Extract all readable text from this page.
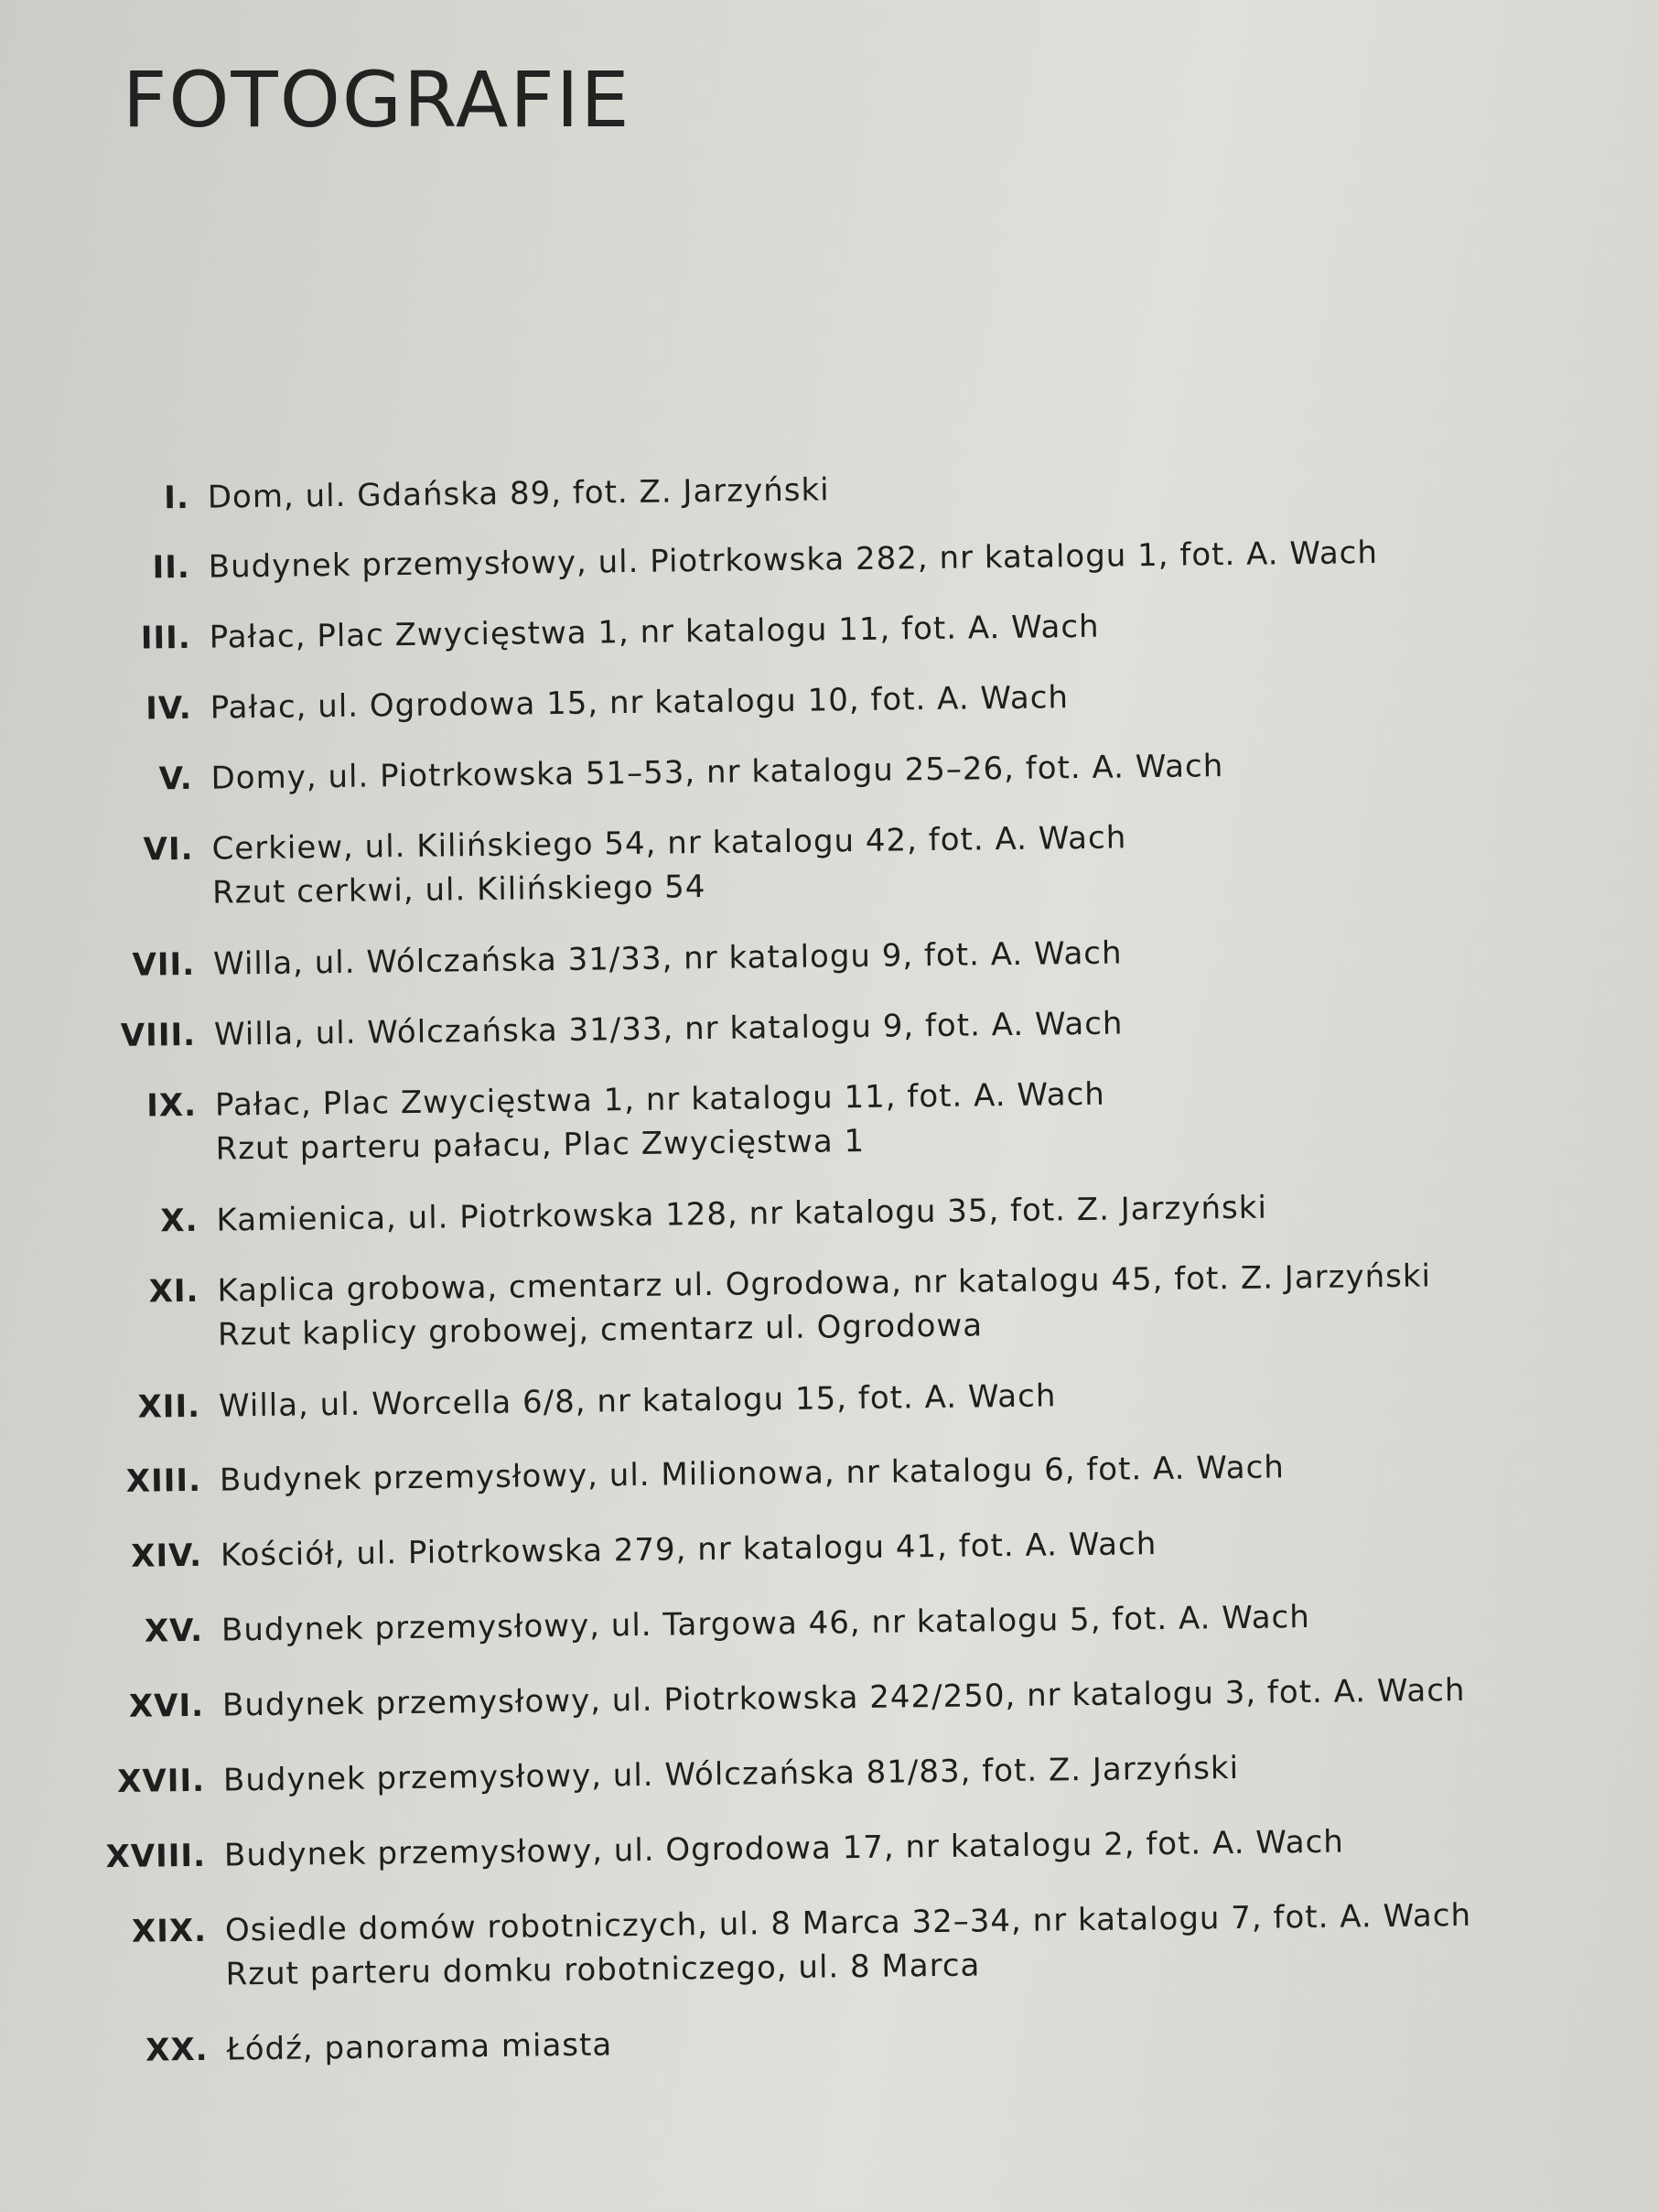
FOTOGRAFIE
I. Dom, ul. Gdańska 89, fot. Z. Jarzyński
II. Budynek przemysłowy, ul. Piotrkowska 282, nr katalogu 1, fot. A. Wach
III. Pałac, Plac Zwycięstwa 1, nr katalogu 11, fot. A. Wach
IV. Pałac, ul. Ogrodowa 15, nr katalogu 10, fot. A. Wach
V. Domy, ul. Piotrkowska 51–53, nr katalogu 25–26, fot. A. Wach
VI. Cerkiew, ul. Kilińskiego 54, nr katalogu 42, fot. A. Wach
Rzut cerkwi, ul. Kilińskiego 54
VII. Willa, ul. Wólczańska 31/33, nr katalogu 9, fot. A. Wach
VIII. Willa, ul. Wólczańska 31/33, nr katalogu 9, fot. A. Wach
IX. Pałac, Plac Zwycięstwa 1, nr katalogu 11, fot. A. Wach
Rzut parteru pałacu, Plac Zwycięstwa 1
X. Kamienica, ul. Piotrkowska 128, nr katalogu 35, fot. Z. Jarzyński
XI. Kaplica grobowa, cmentarz ul. Ogrodowa, nr katalogu 45, fot. Z. Jarzyński
Rzut kaplicy grobowej, cmentarz ul. Ogrodowa
XII. Willa, ul. Worcella 6/8, nr katalogu 15, fot. A. Wach
XIII. Budynek przemysłowy, ul. Milionowa, nr katalogu 6, fot. A. Wach
XIV. Kościół, ul. Piotrkowska 279, nr katalogu 41, fot. A. Wach
XV. Budynek przemysłowy, ul. Targowa 46, nr katalogu 5, fot. A. Wach
XVI. Budynek przemysłowy, ul. Piotrkowska 242/250, nr katalogu 3, fot. A. Wach
XVII. Budynek przemysłowy, ul. Wólczańska 81/83, fot. Z. Jarzyński
XVIII. Budynek przemysłowy, ul. Ogrodowa 17, nr katalogu 2, fot. A. Wach
XIX. Osiedle domów robotniczych, ul. 8 Marca 32–34, nr katalogu 7, fot. A. Wach
Rzut parteru domku robotniczego, ul. 8 Marca
XX. Łódź, panorama miasta
